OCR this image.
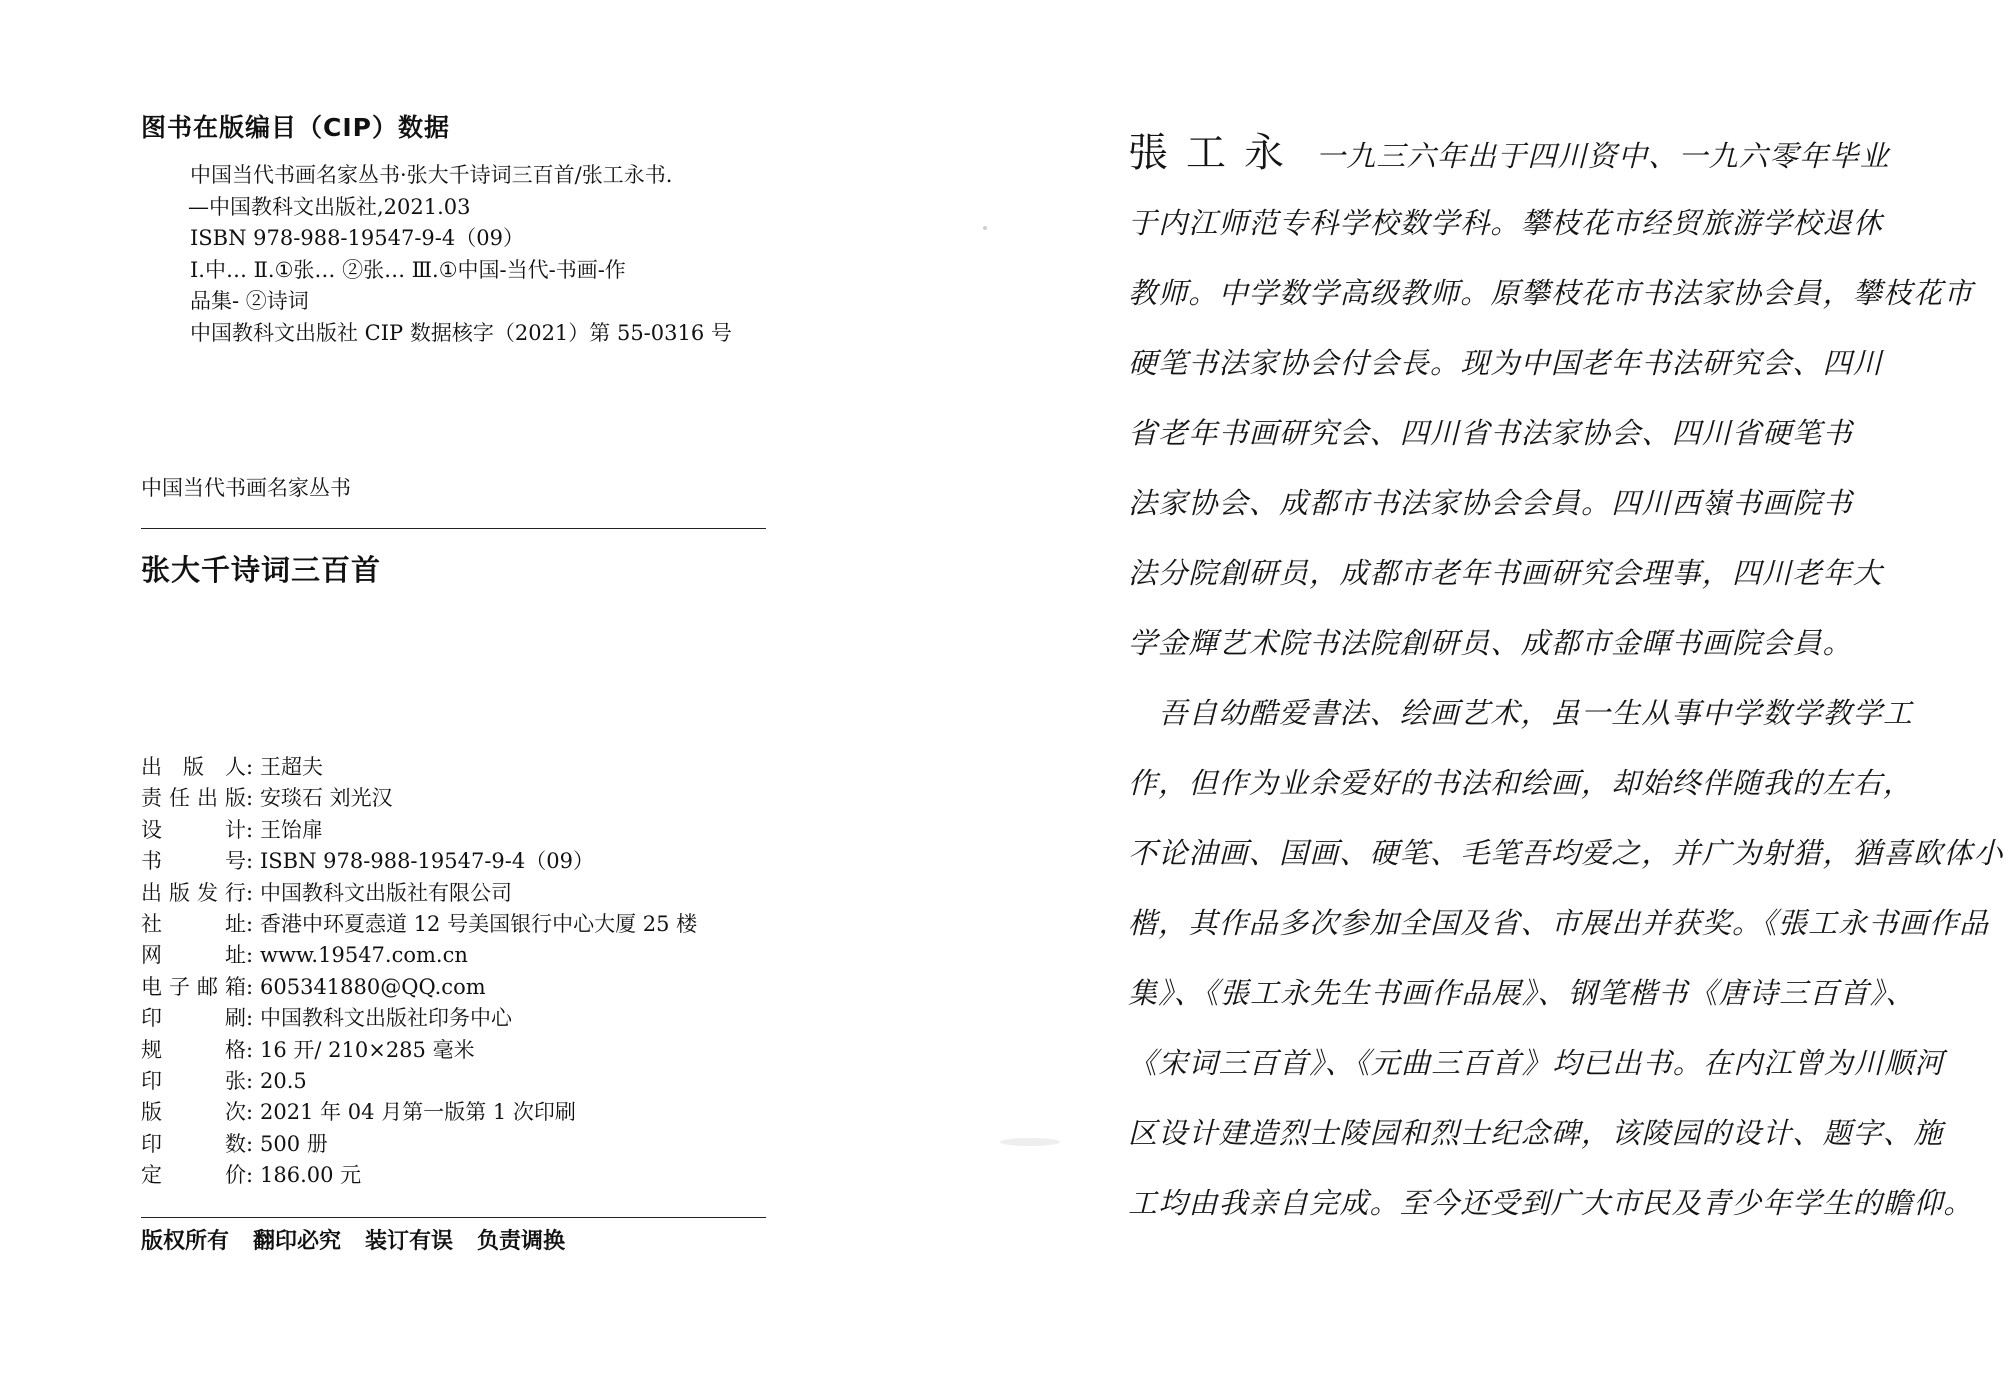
图书在版编目（CIP）数据
中国当代书画名家丛书·张大千诗词三百首/张工永书.
—中国教科文出版社,2021.03
ISBN 978-988-19547-9-4（09）
Ⅰ.中… Ⅱ.①张… ②张… Ⅲ.①中国-当代-书画-作
品集- ②诗词
中国教科文出版社 CIP 数据核字（2021）第 55-0316 号
中国当代书画名家丛书
张大千诗词三百首
出版人 : 王超夫
责任出版 : 安琰石 刘光汉
设计 : 王饴扉
书号 : ISBN 978-988-19547-9-4（09）
出版发行 : 中国教科文出版社有限公司
社址 : 香港中环夏悫道 12 号美国银行中心大厦 25 楼
网址 : www.19547.com.cn
电子邮箱 : 605341880@QQ.com
印刷 : 中国教科文出版社印务中心
规格 : 16 开/ 210×285 毫米
印张 : 20.5
版次 : 2021 年 04 月第一版第 1 次印刷
印数 : 500 册
定价 : 186.00 元
版权所有 翻印必究 装订有误 负责调换
張工永 一九三六年出于四川资中、一九六零年毕业
于内江师范专科学校数学科。攀枝花市经贸旅游学校退休
教师。中学数学高级教师。原攀枝花市书法家协会員，攀枝花市
硬笔书法家协会付会長。现为中国老年书法研究会、四川
省老年书画研究会、四川省书法家协会、四川省硬笔书
法家协会、成都市书法家协会会員。四川西嶺书画院书
法分院創研员，成都市老年书画研究会理事，四川老年大
学金輝艺术院书法院創研员、成都市金暉书画院会員。
　吾自幼酷爱書法、绘画艺术，虽一生从事中学数学教学工
作，但作为业余爱好的书法和绘画，却始终伴随我的左右，
不论油画、国画、硬笔、毛笔吾均爱之，并广为射猎，猶喜欧体小
楷，其作品多次参加全国及省、市展出并获奖。《張工永书画作品
集》、《張工永先生书画作品展》、钢笔楷书《唐诗三百首》、
《宋词三百首》、《元曲三百首》均已出书。在内江曾为川顺河
区设计建造烈士陵园和烈士纪念碑，该陵园的设计、题字、施
工均由我亲自完成。至今还受到广大市民及青少年学生的瞻仰。
